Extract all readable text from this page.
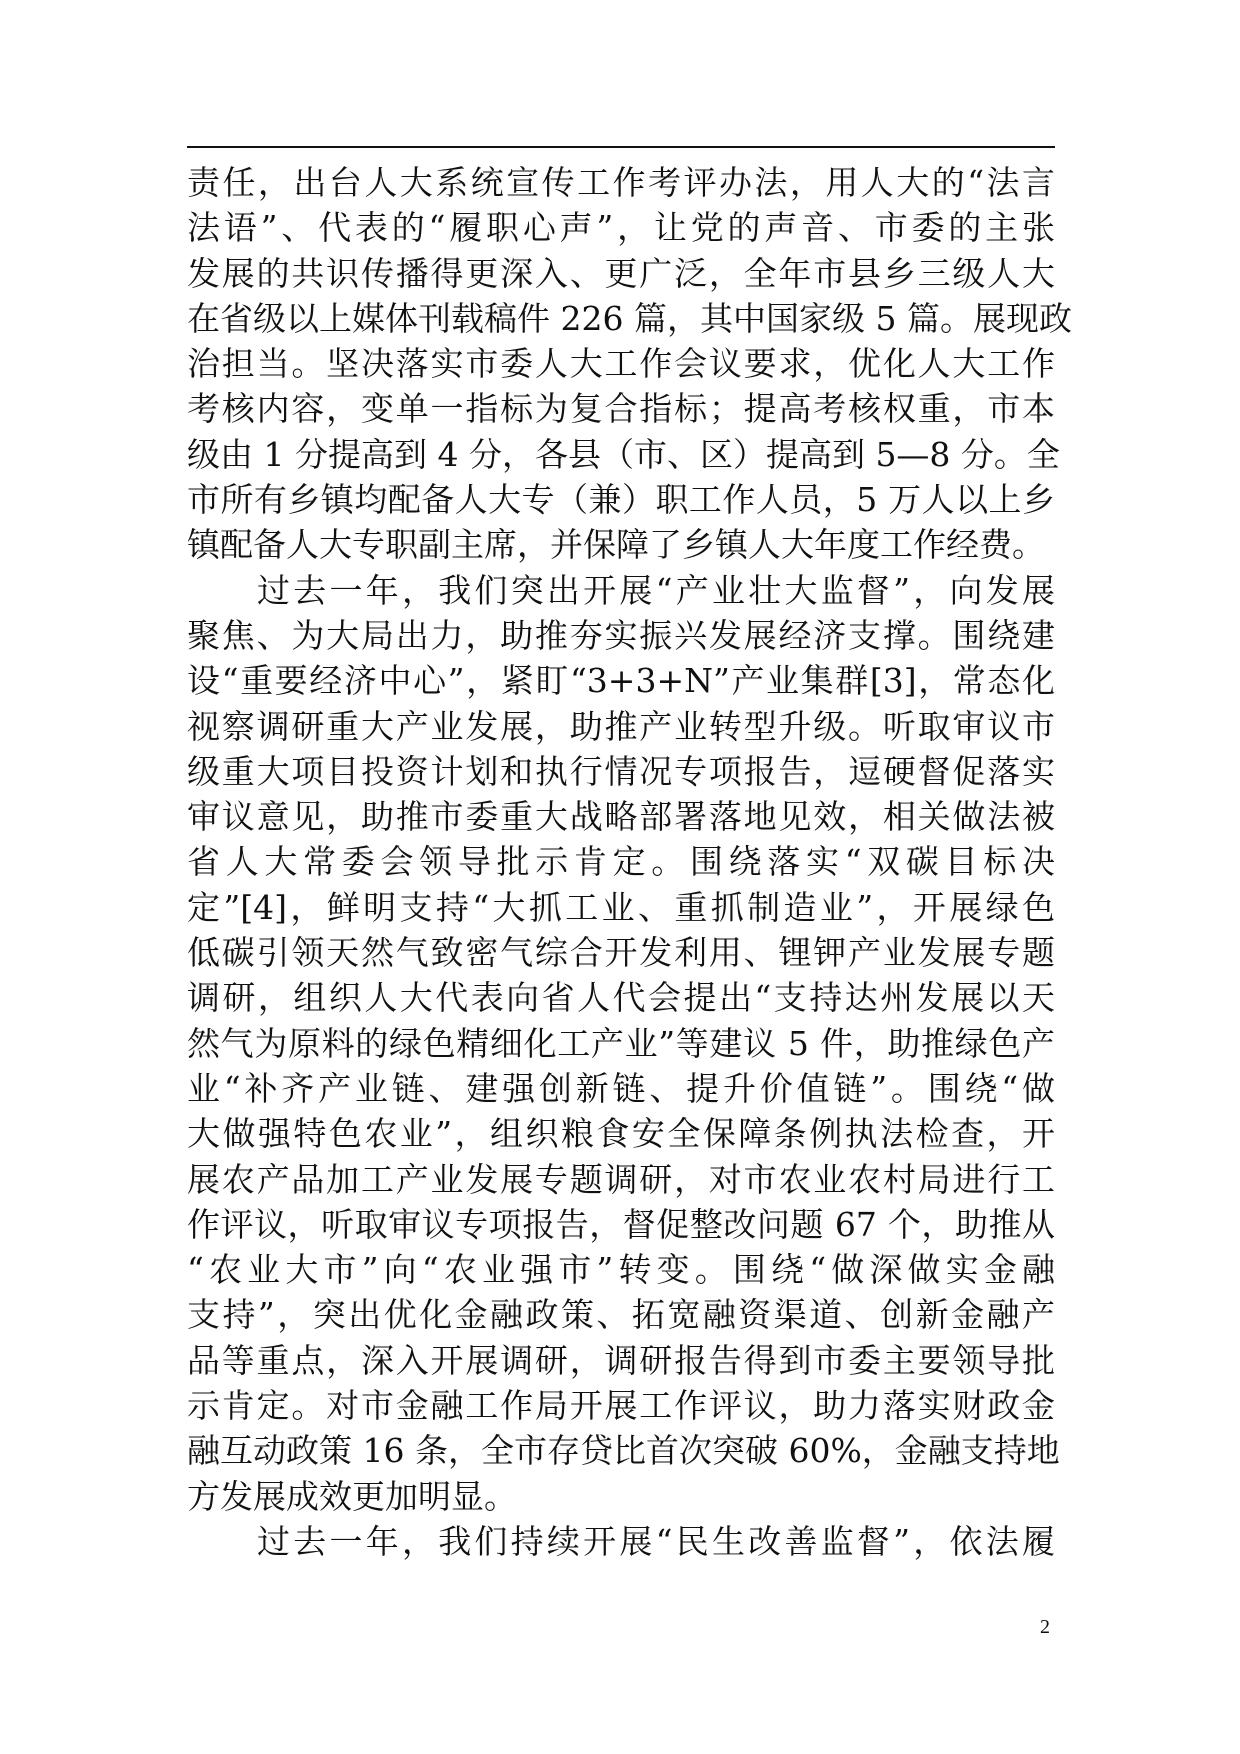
责任，出台人大系统宣传工作考评办法，用人大的“法言
法语”、代表的“履职心声”，让党的声音、市委的主张
发展的共识传播得更深入、更广泛，全年市县乡三级人大
在省级以上媒体刊载稿件 226 篇，其中国家级 5 篇。展现政
治担当。坚决落实市委人大工作会议要求，优化人大工作
考核内容，变单一指标为复合指标；提高考核权重，市本
级由 1 分提高到 4 分，各县（市、区）提高到 5—8 分。全
市所有乡镇均配备人大专（兼）职工作人员，5 万人以上乡
镇配备人大专职副主席，并保障了乡镇人大年度工作经费。
过去一年，我们突出开展“产业壮大监督”，向发展
聚焦、为大局出力，助推夯实振兴发展经济支撑。围绕建
设“重要经济中心”，紧盯“3+3+N”产业集群[3]，常态化
视察调研重大产业发展，助推产业转型升级。听取审议市
级重大项目投资计划和执行情况专项报告，逗硬督促落实
审议意见，助推市委重大战略部署落地见效，相关做法被
省人大常委会领导批示肯定。围绕落实“双碳目标决
定”[4]，鲜明支持“大抓工业、重抓制造业”，开展绿色
低碳引领天然气致密气综合开发利用、锂钾产业发展专题
调研，组织人大代表向省人代会提出“支持达州发展以天
然气为原料的绿色精细化工产业”等建议 5 件，助推绿色产
业“补齐产业链、建强创新链、提升价值链”。围绕“做
大做强特色农业”，组织粮食安全保障条例执法检查，开
展农产品加工产业发展专题调研，对市农业农村局进行工
作评议，听取审议专项报告，督促整改问题 67 个，助推从
“农业大市”向“农业强市”转变。围绕“做深做实金融
支持”，突出优化金融政策、拓宽融资渠道、创新金融产
品等重点，深入开展调研，调研报告得到市委主要领导批
示肯定。对市金融工作局开展工作评议，助力落实财政金
融互动政策 16 条，全市存贷比首次突破 60%，金融支持地
方发展成效更加明显。
过去一年，我们持续开展“民生改善监督”，依法履
2
